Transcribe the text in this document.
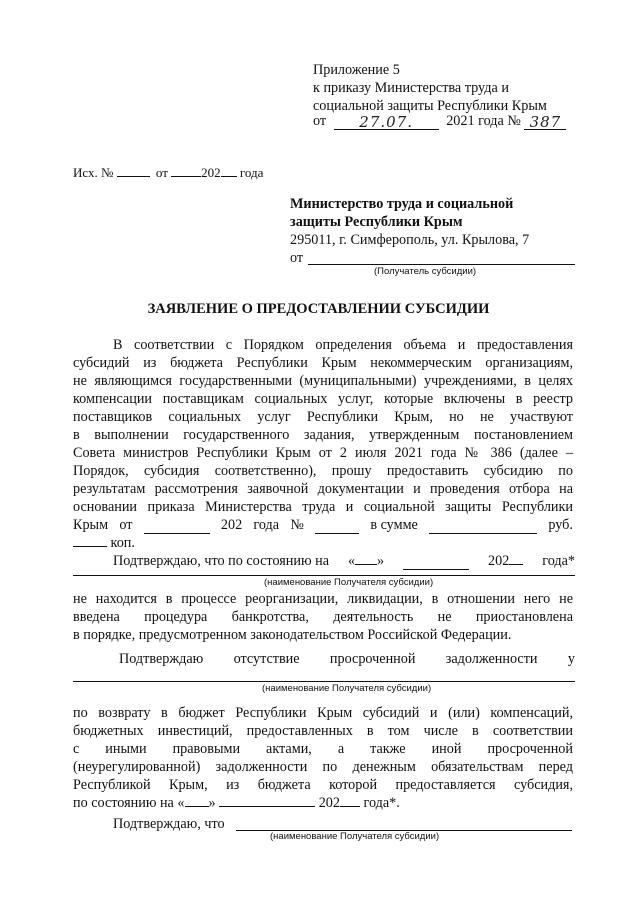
Приложение 5
к приказу Министерства труда и
социальной защиты Республики Крым
от 27.07. 2021 года № 387
Исх. №	от	202 года
Министерство труда и социальной
защиты Республики Крым
295011, г. Симферополь, ул. Крылова, 7
от
(Получатель субсидии)
ЗАЯВЛЕНИЕ О ПРЕДОСТАВЛЕНИИ СУБСИДИИ
В соответствии с Порядком определения объема и предоставления
субсидий из бюджета Республики Крым некоммерческим организациям,
не являющимся государственными (муниципальными) учреждениями, в целях
компенсации поставщикам социальных услуг, которые включены в реестр
поставщиков социальных услуг Республики Крым, но не участвуют
в выполнении государственного задания, утвержденным постановлением
Совета министров Республики Крым от 2 июля 2021 года № 386 (далее –
Порядок, субсидия соответственно), прошу предоставить субсидию по
результатам рассмотрения заявочной документации и проведения отбора на
основании приказа Министерства труда и социальной защиты Республики
Крым от	202 года №	в сумме	руб.
коп.
Подтверждаю, что по состоянию на « »	202	года*
(наименование Получателя субсидии)
не находится в процессе реорганизации, ликвидации, в отношении него не
введена процедура банкротства, деятельность не приостановлена
в порядке, предусмотренном законодательством Российской Федерации.
Подтверждаю отсутствие просроченной задолженности у
(наименование Получателя субсидии)
по возврату в бюджет Республики Крым субсидий и (или) компенсаций,
бюджетных инвестиций, предоставленных в том числе в соответствии
с иными правовыми актами, а также иной просроченной
(неурегулированной) задолженности по денежным обязательствам перед
Республикой Крым, из бюджета которой предоставляется субсидия,
по состоянию на « »	202 года*.
Подтверждаю, что
(наименование Получателя субсидии)
